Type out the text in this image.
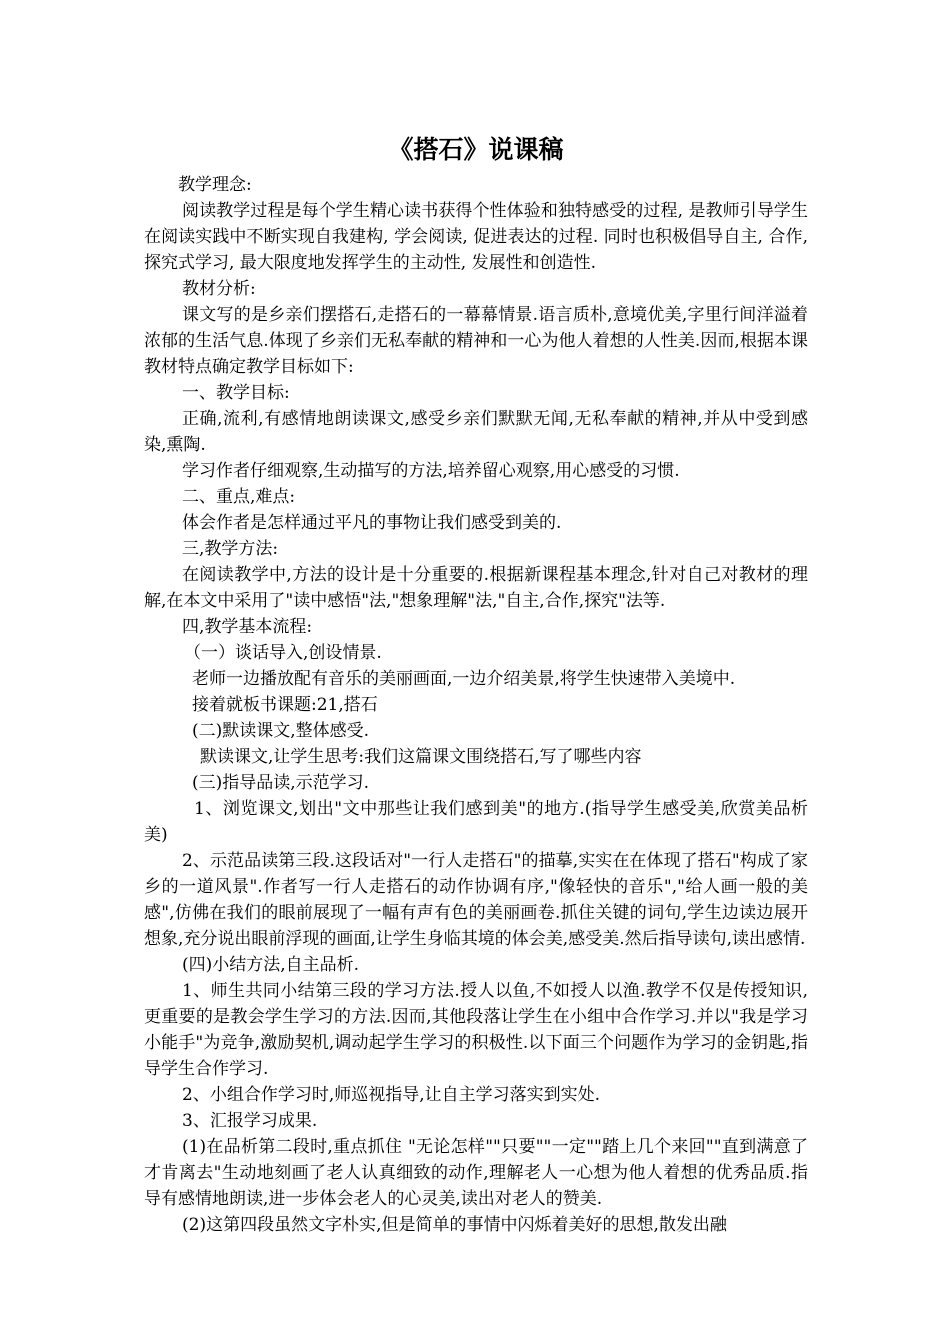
《搭石》说课稿

教学理念:

阅读教学过程是每个学生精心读书获得个性体验和独特感受的过程, 是教师引导学生在阅读实践中不断实现自我建构, 学会阅读, 促进表达的过程. 同时也积极倡导自主, 合作, 探究式学习, 最大限度地发挥学生的主动性, 发展性和创造性.

教材分析:

课文写的是乡亲们摆搭石,走搭石的一幕幕情景.语言质朴,意境优美,字里行间洋溢着浓郁的生活气息.体现了乡亲们无私奉献的精神和一心为他人着想的人性美.因而,根据本课教材特点确定教学目标如下:

一、教学目标:

正确,流利,有感情地朗读课文,感受乡亲们默默无闻,无私奉献的精神,并从中受到感染,熏陶.

学习作者仔细观察,生动描写的方法,培养留心观察,用心感受的习惯.

二、重点,难点:

体会作者是怎样通过平凡的事物让我们感受到美的.

三,教学方法:

在阅读教学中,方法的设计是十分重要的.根据新课程基本理念,针对自己对教材的理解,在本文中采用了"读中感悟"法,"想象理解"法,"自主,合作,探究"法等.

四,教学基本流程:

（一）谈话导入,创设情景.

老师一边播放配有音乐的美丽画面,一边介绍美景,将学生快速带入美境中.

接着就板书课题:21,搭石

(二)默读课文,整体感受.

默读课文,让学生思考:我们这篇课文围绕搭石,写了哪些内容

(三)指导品读,示范学习.

1、浏览课文,划出"文中那些让我们感到美"的地方.(指导学生感受美,欣赏美品析美)

2、示范品读第三段.这段话对"一行人走搭石"的描摹,实实在在体现了搭石"构成了家乡的一道风景".作者写一行人走搭石的动作协调有序,"像轻快的音乐","给人画一般的美感",仿佛在我们的眼前展现了一幅有声有色的美丽画卷.抓住关键的词句,学生边读边展开想象,充分说出眼前浮现的画面,让学生身临其境的体会美,感受美.然后指导读句,读出感情.

(四)小结方法,自主品析.

1、师生共同小结第三段的学习方法.授人以鱼,不如授人以渔.教学不仅是传授知识,更重要的是教会学生学习的方法.因而,其他段落让学生在小组中合作学习.并以"我是学习小能手"为竞争,激励契机,调动起学生学习的积极性.以下面三个问题作为学习的金钥匙,指导学生合作学习.

2、小组合作学习时,师巡视指导,让自主学习落实到实处.

3、汇报学习成果.

(1)在品析第二段时,重点抓住 "无论怎样""只要""一定""踏上几个来回""直到满意了才肯离去"生动地刻画了老人认真细致的动作,理解老人一心想为他人着想的优秀品质.指导有感情地朗读,进一步体会老人的心灵美,读出对老人的赞美.

(2)这第四段虽然文字朴实,但是简单的事情中闪烁着美好的思想,散发出融
